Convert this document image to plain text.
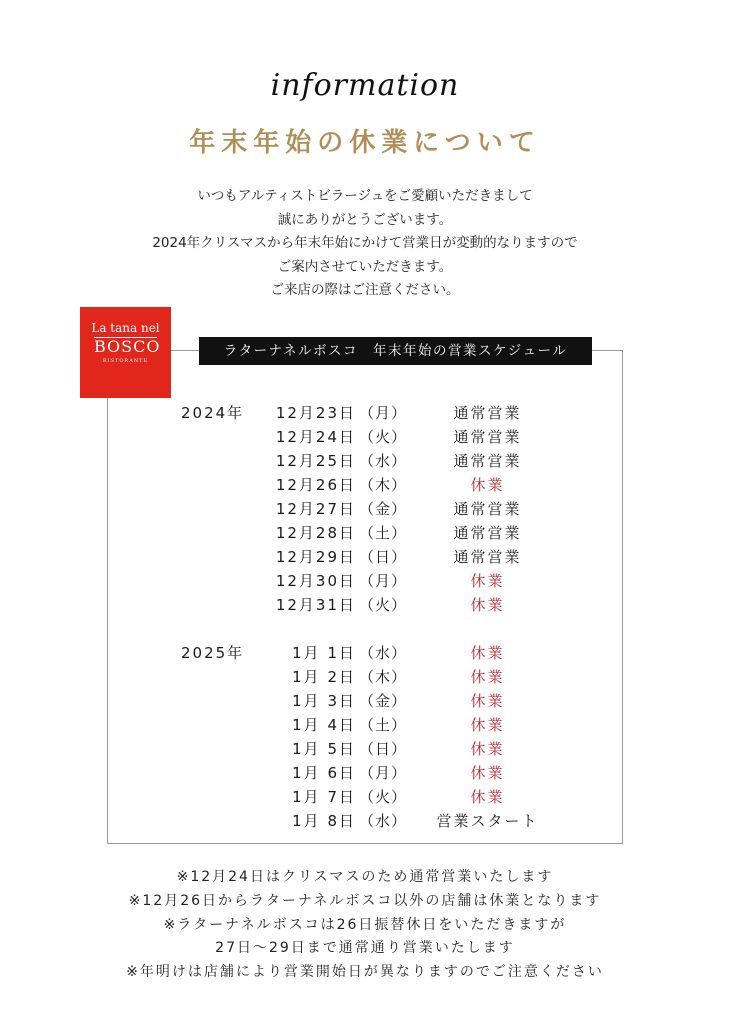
information
年末年始の休業について
いつもアルティストビラージュをご愛顧いただきまして
誠にありがとうございます。
2024年クリスマスから年末年始にかけて営業日が変動的なりますので
ご案内させていただきます。
ご来店の際はご注意ください。
La tana nel
BOSCO
RISTORANTE
ラターナネルボスコ　年末年始の営業スケジュール
2024年	12月23日 （月）	通常営業
12月24日 （火）	通常営業
12月25日 （水）	通常営業
12月26日 （木）	休業
12月27日 （金）	通常営業
12月28日 （土）	通常営業
12月29日 （日）	通常営業
12月30日 （月）	休業
12月31日 （火）	休業
2025年	1月 1日 （水）	休業
1月 2日 （木）	休業
1月 3日 （金）	休業
1月 4日 （土）	休業
1月 5日 （日）	休業
1月 6日 （月）	休業
1月 7日 （火）	休業
1月 8日 （水）	営業スタート
※12月24日はクリスマスのため通常営業いたします
※12月26日からラターナネルボスコ以外の店舗は休業となります
※ラターナネルボスコは26日振替休日をいただきますが
27日～29日まで通常通り営業いたします
※年明けは店舗により営業開始日が異なりますのでご注意ください
